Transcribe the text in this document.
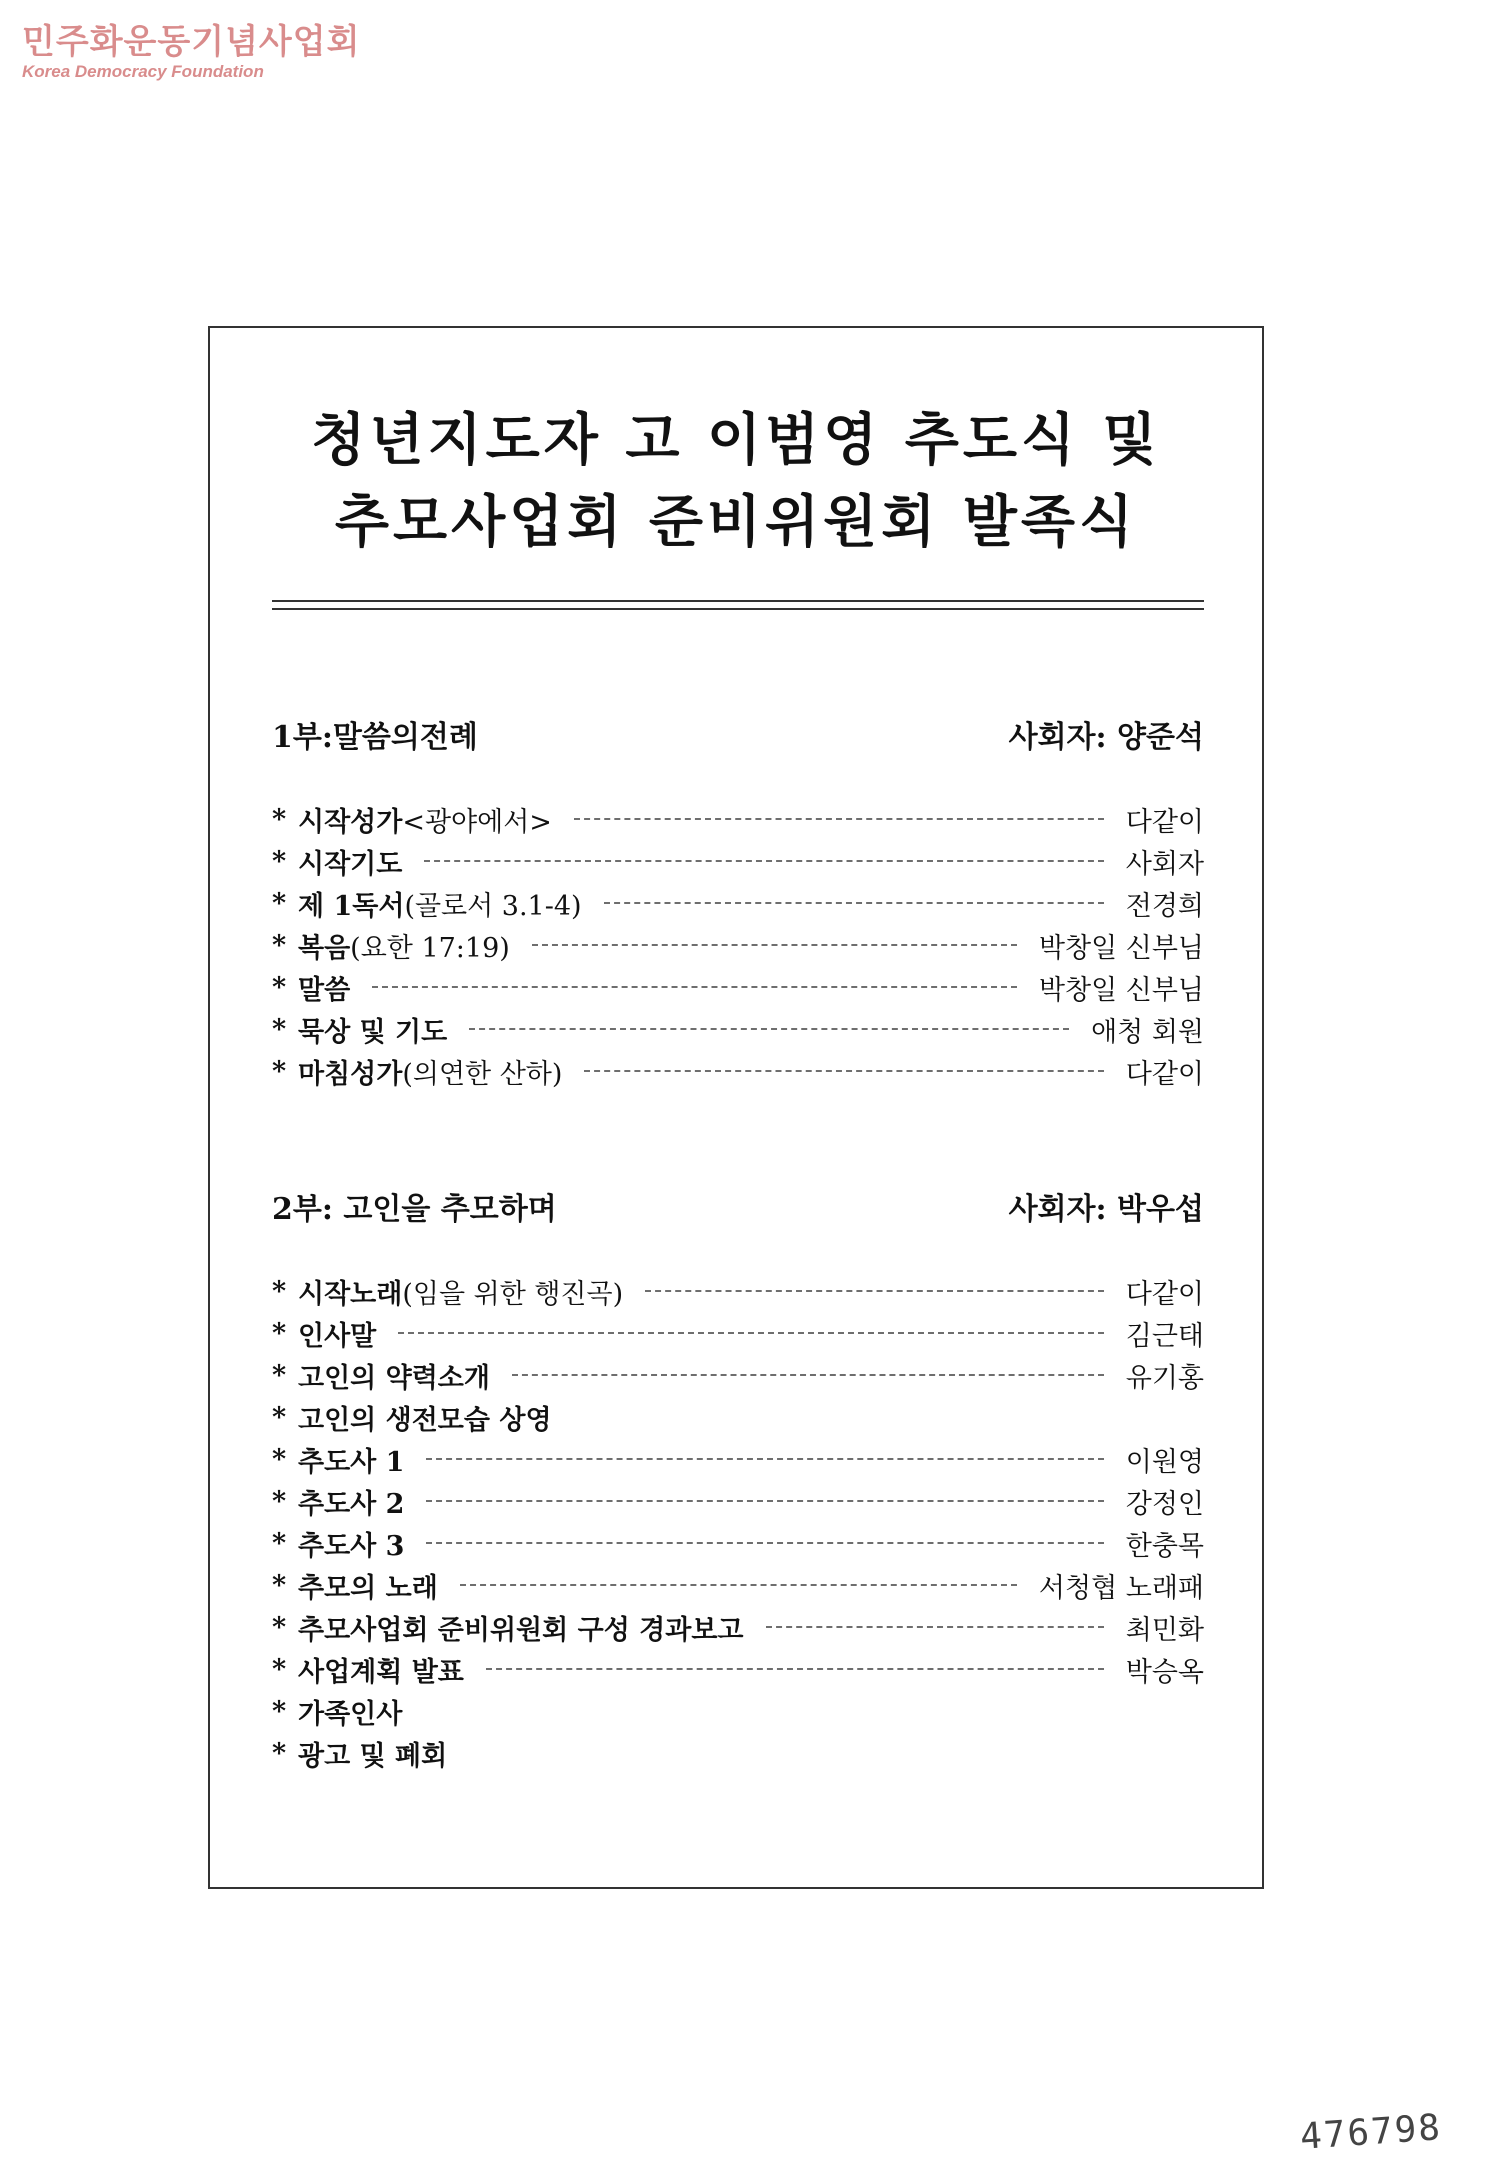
민주화운동기념사업회
Korea Democracy Foundation
청년지도자 고 이범영 추도식 및
추모사업회 준비위원회 발족식
1부:말씀의전례	사회자: 양준석
* 시작성가<광야에서>	다같이
* 시작기도	사회자
* 제 1독서(골로서 3.1-4)	전경희
* 복음(요한 17:19)	박창일 신부님
* 말씀	박창일 신부님
* 묵상 및 기도	애청 회원
* 마침성가(의연한 산하)	다같이
2부: 고인을 추모하며	사회자: 박우섭
* 시작노래(임을 위한 행진곡)	다같이
* 인사말	김근태
* 고인의 약력소개	유기홍
* 고인의 생전모습 상영
* 추도사 1	이원영
* 추도사 2	강정인
* 추도사 3	한충목
* 추모의 노래	서청협 노래패
* 추모사업회 준비위원회 구성 경과보고	최민화
* 사업계획 발표	박승옥
* 가족인사
* 광고 및 폐회
476798
